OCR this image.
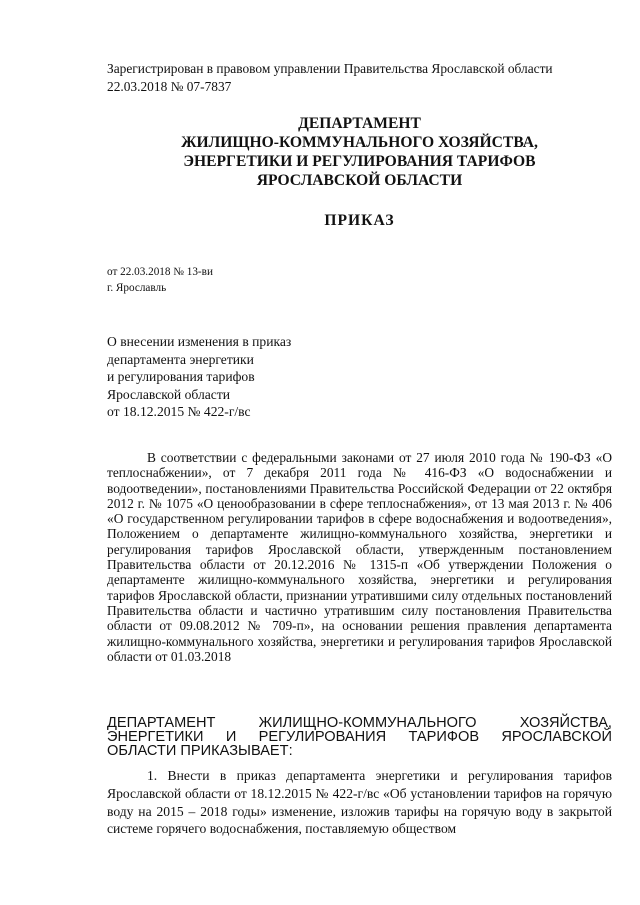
Зарегистрирован в правовом управлении Правительства Ярославской области
22.03.2018 № 07-7837
ДЕПАРТАМЕНТ
ЖИЛИЩНО-КОММУНАЛЬНОГО ХОЗЯЙСТВА,
ЭНЕРГЕТИКИ И РЕГУЛИРОВАНИЯ ТАРИФОВ
ЯРОСЛАВСКОЙ ОБЛАСТИ
ПРИКАЗ
от 22.03.2018 № 13-ви
г. Ярославль
О внесении изменения в приказ
департамента энергетики
и регулирования тарифов
Ярославской области
от 18.12.2015 № 422-г/вс

В соответствии с федеральными законами от 27 июля 2010 года № 190-ФЗ «О теплоснабжении», от 7 декабря 2011 года № 416-ФЗ «О водоснабжении и водоотведении», постановлениями Правительства Российской Федерации от 22 октября 2012 г. № 1075 «О ценообразовании в сфере теплоснабжения», от 13 мая 2013 г. № 406 «О государственном регулировании тарифов в сфере водоснабжения и водоотведения», Положением о департаменте жилищно-коммунального хозяйства, энергетики и регулирования тарифов Ярославской области, утвержденным постановлением Правительства области от 20.12.2016 № 1315-п «Об утверждении Положения о департаменте жилищно-коммунального хозяйства, энергетики и регулирования тарифов Ярославской области, признании утратившими силу отдельных постановлений Правительства области и частично утратившим силу постановления Правительства области от 09.08.2012 № 709-п», на основании решения правления департамента жилищно-коммунального хозяйства, энергетики и регулирования тарифов Ярославской области от 01.03.2018

ДЕПАРТАМЕНТ ЖИЛИЩНО-КОММУНАЛЬНОГО ХОЗЯЙСТВА, ЭНЕРГЕТИКИ И РЕГУЛИРОВАНИЯ ТАРИФОВ ЯРОСЛАВСКОЙ ОБЛАСТИ ПРИКАЗЫВАЕТ:

1. Внести в приказ департамента энергетики и регулирования тарифов Ярославской области от 18.12.2015 № 422-г/вс «Об установлении тарифов на горячую воду на 2015 – 2018 годы» изменение, изложив тарифы на горячую воду в закрытой системе горячего водоснабжения, поставляемую обществом
